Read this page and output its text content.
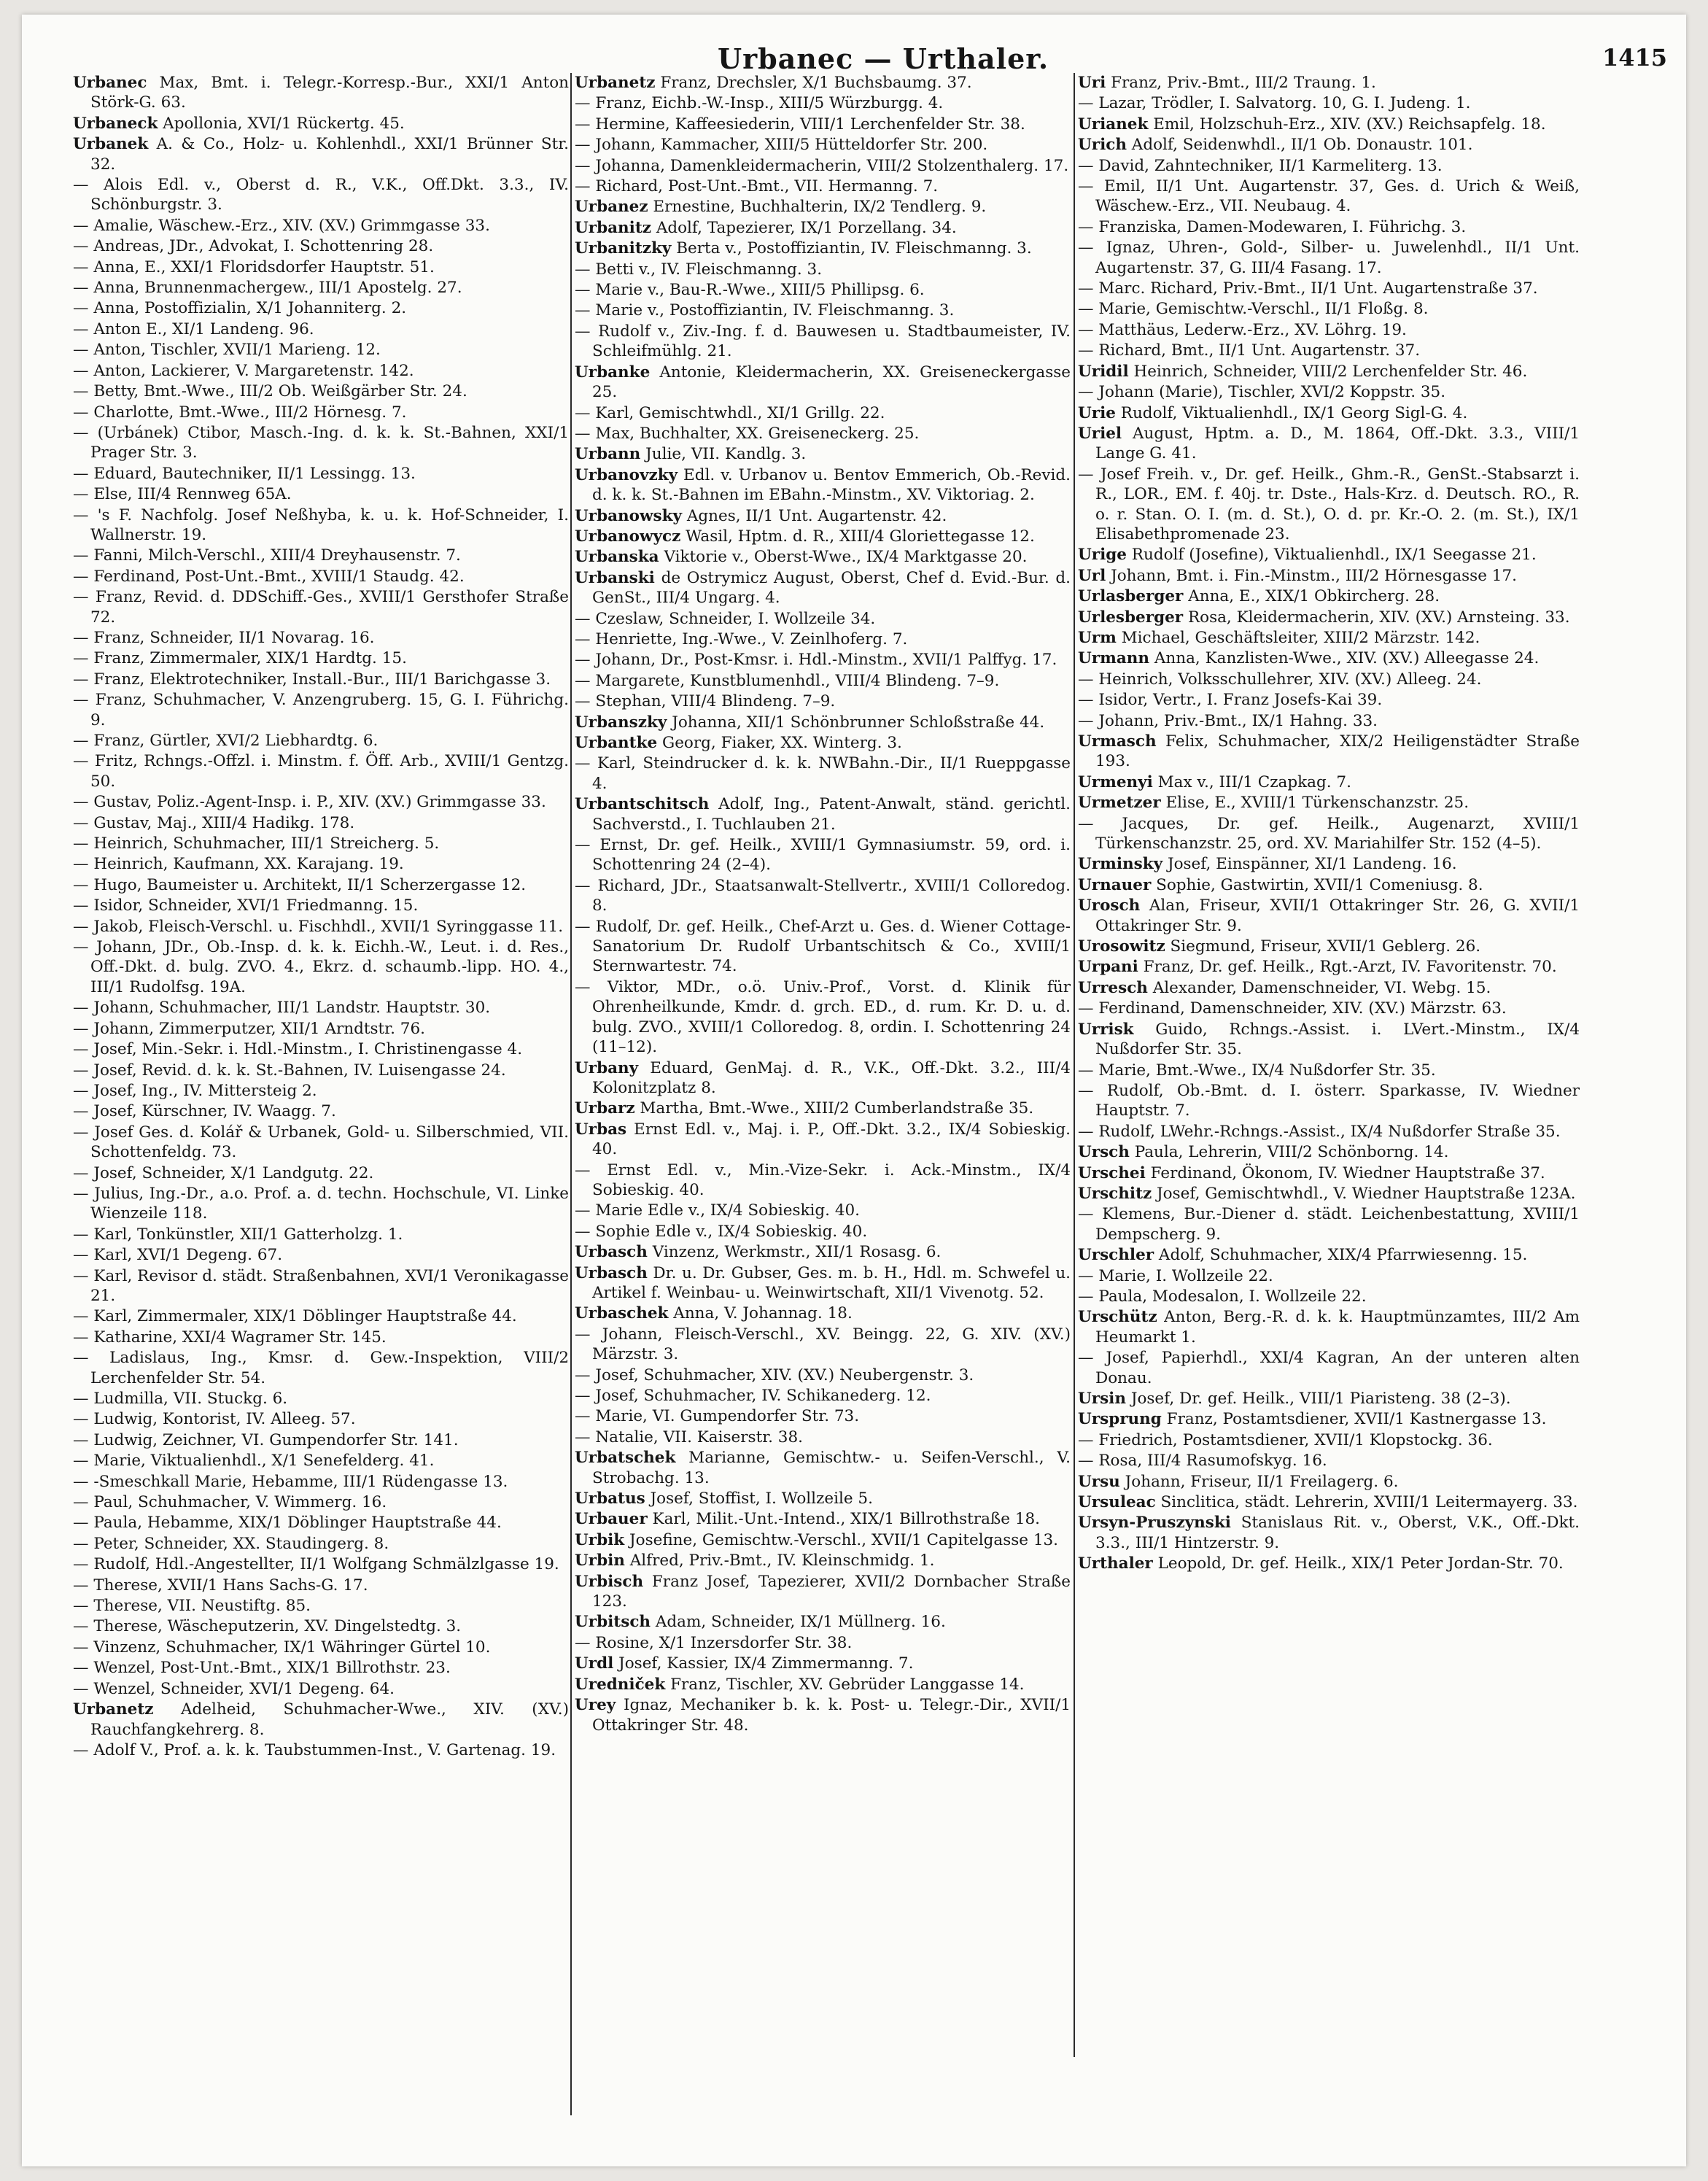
Urbanec — Urthaler.	1415
Urbanec Max, Bmt. i. Telegr.-Korresp.-Bur., XXI/1 Anton Störk-G. 63.
Urbaneck Apollonia, XVI/1 Rückertg. 45.
Urbanek A. & Co., Holz- u. Kohlenhdl., XXI/1 Brünner Str. 32.
— Alois Edl. v., Oberst d. R., V.K., Off.Dkt. 3.3., IV. Schönburgstr. 3.
— Amalie, Wäschew.-Erz., XIV. (XV.) Grimmgasse 33.
— Andreas, JDr., Advokat, I. Schottenring 28.
— Anna, E., XXI/1 Floridsdorfer Hauptstr. 51.
— Anna, Brunnenmachergew., III/1 Apostelg. 27.
— Anna, Postoffizialin, X/1 Johanniterg. 2.
— Anton E., XI/1 Landeng. 96.
— Anton, Tischler, XVII/1 Marieng. 12.
— Anton, Lackierer, V. Margaretenstr. 142.
— Betty, Bmt.-Wwe., III/2 Ob. Weißgärber Str. 24.
— Charlotte, Bmt.-Wwe., III/2 Hörnesg. 7.
— (Urbánek) Ctibor, Masch.-Ing. d. k. k. St.-Bahnen, XXI/1 Prager Str. 3.
— Eduard, Bautechniker, II/1 Lessingg. 13.
— Else, III/4 Rennweg 65A.
— 's F. Nachfolg. Josef Neßhyba, k. u. k. Hof-Schneider, I. Wallnerstr. 19.
— Fanni, Milch-Verschl., XIII/4 Dreyhausenstr. 7.
— Ferdinand, Post-Unt.-Bmt., XVIII/1 Staudg. 42.
— Franz, Revid. d. DDSchiff.-Ges., XVIII/1 Gersthofer Straße 72.
— Franz, Schneider, II/1 Novarag. 16.
— Franz, Zimmermaler, XIX/1 Hardtg. 15.
— Franz, Elektrotechniker, Install.-Bur., III/1 Barichgasse 3.
— Franz, Schuhmacher, V. Anzengruberg. 15, G. I. Führichg. 9.
— Franz, Gürtler, XVI/2 Liebhardtg. 6.
— Fritz, Rchngs.-Offzl. i. Minstm. f. Öff. Arb., XVIII/1 Gentzg. 50.
— Gustav, Poliz.-Agent-Insp. i. P., XIV. (XV.) Grimmgasse 33.
— Gustav, Maj., XIII/4 Hadikg. 178.
— Heinrich, Schuhmacher, III/1 Streicherg. 5.
— Heinrich, Kaufmann, XX. Karajang. 19.
— Hugo, Baumeister u. Architekt, II/1 Scherzergasse 12.
— Isidor, Schneider, XVI/1 Friedmanng. 15.
— Jakob, Fleisch-Verschl. u. Fischhdl., XVII/1 Syringgasse 11.
— Johann, JDr., Ob.-Insp. d. k. k. Eichh.-W., Leut. i. d. Res., Off.-Dkt. d. bulg. ZVO. 4., Ekrz. d. schaumb.-lipp. HO. 4., III/1 Rudolfsg. 19A.
— Johann, Schuhmacher, III/1 Landstr. Hauptstr. 30.
— Johann, Zimmerputzer, XII/1 Arndtstr. 76.
— Josef, Min.-Sekr. i. Hdl.-Minstm., I. Christinengasse 4.
— Josef, Revid. d. k. k. St.-Bahnen, IV. Luisengasse 24.
— Josef, Ing., IV. Mittersteig 2.
— Josef, Kürschner, IV. Waagg. 7.
— Josef Ges. d. Kolář & Urbanek, Gold- u. Silberschmied, VII. Schottenfeldg. 73.
— Josef, Schneider, X/1 Landgutg. 22.
— Julius, Ing.-Dr., a.o. Prof. a. d. techn. Hochschule, VI. Linke Wienzeile 118.
— Karl, Tonkünstler, XII/1 Gatterholzg. 1.
— Karl, XVI/1 Degeng. 67.
— Karl, Revisor d. städt. Straßenbahnen, XVI/1 Veronikagasse 21.
— Karl, Zimmermaler, XIX/1 Döblinger Hauptstraße 44.
— Katharine, XXI/4 Wagramer Str. 145.
— Ladislaus, Ing., Kmsr. d. Gew.-Inspektion, VIII/2 Lerchenfelder Str. 54.
— Ludmilla, VII. Stuckg. 6.
— Ludwig, Kontorist, IV. Alleeg. 57.
— Ludwig, Zeichner, VI. Gumpendorfer Str. 141.
— Marie, Viktualienhdl., X/1 Senefelderg. 41.
— -Smeschkall Marie, Hebamme, III/1 Rüdengasse 13.
— Paul, Schuhmacher, V. Wimmerg. 16.
— Paula, Hebamme, XIX/1 Döblinger Hauptstraße 44.
— Peter, Schneider, XX. Staudingerg. 8.
— Rudolf, Hdl.-Angestellter, II/1 Wolfgang Schmälzlgasse 19.
— Therese, XVII/1 Hans Sachs-G. 17.
— Therese, VII. Neustiftg. 85.
— Therese, Wäscheputzerin, XV. Dingelstedtg. 3.
— Vinzenz, Schuhmacher, IX/1 Währinger Gürtel 10.
— Wenzel, Post-Unt.-Bmt., XIX/1 Billrothstr. 23.
— Wenzel, Schneider, XVI/1 Degeng. 64.
Urbanetz Adelheid, Schuhmacher-Wwe., XIV. (XV.) Rauchfangkehrerg. 8.
— Adolf V., Prof. a. k. k. Taubstummen-Inst., V. Gartenag. 19.
Urbanetz Franz, Drechsler, X/1 Buchsbaumg. 37.
— Franz, Eichb.-W.-Insp., XIII/5 Würzburgg. 4.
— Hermine, Kaffeesiederin, VIII/1 Lerchenfelder Str. 38.
— Johann, Kammacher, XIII/5 Hütteldorfer Str. 200.
— Johanna, Damenkleidermacherin, VIII/2 Stolzenthalerg. 17.
— Richard, Post-Unt.-Bmt., VII. Hermanng. 7.
Urbanez Ernestine, Buchhalterin, IX/2 Tendlerg. 9.
Urbanitz Adolf, Tapezierer, IX/1 Porzellang. 34.
Urbanitzky Berta v., Postoffiziantin, IV. Fleischmanng. 3.
— Betti v., IV. Fleischmanng. 3.
— Marie v., Bau-R.-Wwe., XIII/5 Phillipsg. 6.
— Marie v., Postoffiziantin, IV. Fleischmanng. 3.
— Rudolf v., Ziv.-Ing. f. d. Bauwesen u. Stadtbaumeister, IV. Schleifmühlg. 21.
Urbanke Antonie, Kleidermacherin, XX. Greiseneckergasse 25.
— Karl, Gemischtwhdl., XI/1 Grillg. 22.
— Max, Buchhalter, XX. Greiseneckerg. 25.
Urbann Julie, VII. Kandlg. 3.
Urbanovzky Edl. v. Urbanov u. Bentov Emmerich, Ob.-Revid. d. k. k. St.-Bahnen im EBahn.-Minstm., XV. Viktoriag. 2.
Urbanowsky Agnes, II/1 Unt. Augartenstr. 42.
Urbanowycz Wasil, Hptm. d. R., XIII/4 Gloriettegasse 12.
Urbanska Viktorie v., Oberst-Wwe., IX/4 Marktgasse 20.
Urbanski de Ostrymicz August, Oberst, Chef d. Evid.-Bur. d. GenSt., III/4 Ungarg. 4.
— Czeslaw, Schneider, I. Wollzeile 34.
— Henriette, Ing.-Wwe., V. Zeinlhoferg. 7.
— Johann, Dr., Post-Kmsr. i. Hdl.-Minstm., XVII/1 Palffyg. 17.
— Margarete, Kunstblumenhdl., VIII/4 Blindeng. 7–9.
— Stephan, VIII/4 Blindeng. 7–9.
Urbanszky Johanna, XII/1 Schönbrunner Schloßstraße 44.
Urbantke Georg, Fiaker, XX. Winterg. 3.
— Karl, Steindrucker d. k. k. NWBahn.-Dir., II/1 Rueppgasse 4.
Urbantschitsch Adolf, Ing., Patent-Anwalt, ständ. gerichtl. Sachverstd., I. Tuchlauben 21.
— Ernst, Dr. gef. Heilk., XVIII/1 Gymnasiumstr. 59, ord. i. Schottenring 24 (2–4).
— Richard, JDr., Staatsanwalt-Stellvertr., XVIII/1 Colloredog. 8.
— Rudolf, Dr. gef. Heilk., Chef-Arzt u. Ges. d. Wiener Cottage-Sanatorium Dr. Rudolf Urbantschitsch & Co., XVIII/1 Sternwartestr. 74.
— Viktor, MDr., o.ö. Univ.-Prof., Vorst. d. Klinik für Ohrenheilkunde, Kmdr. d. grch. ED., d. rum. Kr. D. u. d. bulg. ZVO., XVIII/1 Colloredog. 8, ordin. I. Schottenring 24 (11–12).
Urbany Eduard, GenMaj. d. R., V.K., Off.-Dkt. 3.2., III/4 Kolonitzplatz 8.
Urbarz Martha, Bmt.-Wwe., XIII/2 Cumberlandstraße 35.
Urbas Ernst Edl. v., Maj. i. P., Off.-Dkt. 3.2., IX/4 Sobieskig. 40.
— Ernst Edl. v., Min.-Vize-Sekr. i. Ack.-Minstm., IX/4 Sobieskig. 40.
— Marie Edle v., IX/4 Sobieskig. 40.
— Sophie Edle v., IX/4 Sobieskig. 40.
Urbasch Vinzenz, Werkmstr., XII/1 Rosasg. 6.
Urbasch Dr. u. Dr. Gubser, Ges. m. b. H., Hdl. m. Schwefel u. Artikel f. Weinbau- u. Weinwirtschaft, XII/1 Vivenotg. 52.
Urbaschek Anna, V. Johannag. 18.
— Johann, Fleisch-Verschl., XV. Beingg. 22, G. XIV. (XV.) Märzstr. 3.
— Josef, Schuhmacher, XIV. (XV.) Neubergenstr. 3.
— Josef, Schuhmacher, IV. Schikanederg. 12.
— Marie, VI. Gumpendorfer Str. 73.
— Natalie, VII. Kaiserstr. 38.
Urbatschek Marianne, Gemischtw.- u. Seifen-Verschl., V. Strobachg. 13.
Urbatus Josef, Stoffist, I. Wollzeile 5.
Urbauer Karl, Milit.-Unt.-Intend., XIX/1 Billrothstraße 18.
Urbik Josefine, Gemischtw.-Verschl., XVII/1 Capitelgasse 13.
Urbin Alfred, Priv.-Bmt., IV. Kleinschmidg. 1.
Urbisch Franz Josef, Tapezierer, XVII/2 Dornbacher Straße 123.
Urbitsch Adam, Schneider, IX/1 Müllnerg. 16.
— Rosine, X/1 Inzersdorfer Str. 38.
Urdl Josef, Kassier, IX/4 Zimmermanng. 7.
Uredniček Franz, Tischler, XV. Gebrüder Langgasse 14.
Urey Ignaz, Mechaniker b. k. k. Post- u. Telegr.-Dir., XVII/1 Ottakringer Str. 48.
Uri Franz, Priv.-Bmt., III/2 Traung. 1.
— Lazar, Trödler, I. Salvatorg. 10, G. I. Judeng. 1.
Urianek Emil, Holzschuh-Erz., XIV. (XV.) Reichsapfelg. 18.
Urich Adolf, Seidenwhdl., II/1 Ob. Donaustr. 101.
— David, Zahntechniker, II/1 Karmeliterg. 13.
— Emil, II/1 Unt. Augartenstr. 37, Ges. d. Urich & Weiß, Wäschew.-Erz., VII. Neubaug. 4.
— Franziska, Damen-Modewaren, I. Führichg. 3.
— Ignaz, Uhren-, Gold-, Silber- u. Juwelenhdl., II/1 Unt. Augartenstr. 37, G. III/4 Fasang. 17.
— Marc. Richard, Priv.-Bmt., II/1 Unt. Augartenstraße 37.
— Marie, Gemischtw.-Verschl., II/1 Floßg. 8.
— Matthäus, Lederw.-Erz., XV. Löhrg. 19.
— Richard, Bmt., II/1 Unt. Augartenstr. 37.
Uridil Heinrich, Schneider, VIII/2 Lerchenfelder Str. 46.
— Johann (Marie), Tischler, XVI/2 Koppstr. 35.
Urie Rudolf, Viktualienhdl., IX/1 Georg Sigl-G. 4.
Uriel August, Hptm. a. D., M. 1864, Off.-Dkt. 3.3., VIII/1 Lange G. 41.
— Josef Freih. v., Dr. gef. Heilk., Ghm.-R., GenSt.-Stabsarzt i. R., LOR., EM. f. 40j. tr. Dste., Hals-Krz. d. Deutsch. RO., R. o. r. Stan. O. I. (m. d. St.), O. d. pr. Kr.-O. 2. (m. St.), IX/1 Elisabethpromenade 23.
Urige Rudolf (Josefine), Viktualienhdl., IX/1 Seegasse 21.
Url Johann, Bmt. i. Fin.-Minstm., III/2 Hörnesgasse 17.
Urlasberger Anna, E., XIX/1 Obkircherg. 28.
Urlesberger Rosa, Kleidermacherin, XIV. (XV.) Arnsteing. 33.
Urm Michael, Geschäftsleiter, XIII/2 Märzstr. 142.
Urmann Anna, Kanzlisten-Wwe., XIV. (XV.) Alleegasse 24.
— Heinrich, Volksschullehrer, XIV. (XV.) Alleeg. 24.
— Isidor, Vertr., I. Franz Josefs-Kai 39.
— Johann, Priv.-Bmt., IX/1 Hahng. 33.
Urmasch Felix, Schuhmacher, XIX/2 Heiligenstädter Straße 193.
Urmenyi Max v., III/1 Czapkag. 7.
Urmetzer Elise, E., XVIII/1 Türkenschanzstr. 25.
— Jacques, Dr. gef. Heilk., Augenarzt, XVIII/1 Türkenschanzstr. 25, ord. XV. Mariahilfer Str. 152 (4–5).
Urminsky Josef, Einspänner, XI/1 Landeng. 16.
Urnauer Sophie, Gastwirtin, XVII/1 Comeniusg. 8.
Urosch Alan, Friseur, XVII/1 Ottakringer Str. 26, G. XVII/1 Ottakringer Str. 9.
Urosowitz Siegmund, Friseur, XVII/1 Geblerg. 26.
Urpani Franz, Dr. gef. Heilk., Rgt.-Arzt, IV. Favoritenstr. 70.
Urresch Alexander, Damenschneider, VI. Webg. 15.
— Ferdinand, Damenschneider, XIV. (XV.) Märzstr. 63.
Urrisk Guido, Rchngs.-Assist. i. LVert.-Minstm., IX/4 Nußdorfer Str. 35.
— Marie, Bmt.-Wwe., IX/4 Nußdorfer Str. 35.
— Rudolf, Ob.-Bmt. d. I. österr. Sparkasse, IV. Wiedner Hauptstr. 7.
— Rudolf, LWehr.-Rchngs.-Assist., IX/4 Nußdorfer Straße 35.
Ursch Paula, Lehrerin, VIII/2 Schönborng. 14.
Urschei Ferdinand, Ökonom, IV. Wiedner Hauptstraße 37.
Urschitz Josef, Gemischtwhdl., V. Wiedner Hauptstraße 123A.
— Klemens, Bur.-Diener d. städt. Leichenbestattung, XVIII/1 Dempscherg. 9.
Urschler Adolf, Schuhmacher, XIX/4 Pfarrwiesenng. 15.
— Marie, I. Wollzeile 22.
— Paula, Modesalon, I. Wollzeile 22.
Urschütz Anton, Berg.-R. d. k. k. Hauptmünzamtes, III/2 Am Heumarkt 1.
— Josef, Papierhdl., XXI/4 Kagran, An der unteren alten Donau.
Ursin Josef, Dr. gef. Heilk., VIII/1 Piaristeng. 38 (2–3).
Ursprung Franz, Postamtsdiener, XVII/1 Kastnergasse 13.
— Friedrich, Postamtsdiener, XVII/1 Klopstockg. 36.
— Rosa, III/4 Rasumofskyg. 16.
Ursu Johann, Friseur, II/1 Freilagerg. 6.
Ursuleac Sinclitica, städt. Lehrerin, XVIII/1 Leitermayerg. 33.
Ursyn-Pruszynski Stanislaus Rit. v., Oberst, V.K., Off.-Dkt. 3.3., III/1 Hintzerstr. 9.
Urthaler Leopold, Dr. gef. Heilk., XIX/1 Peter Jordan-Str. 70.
